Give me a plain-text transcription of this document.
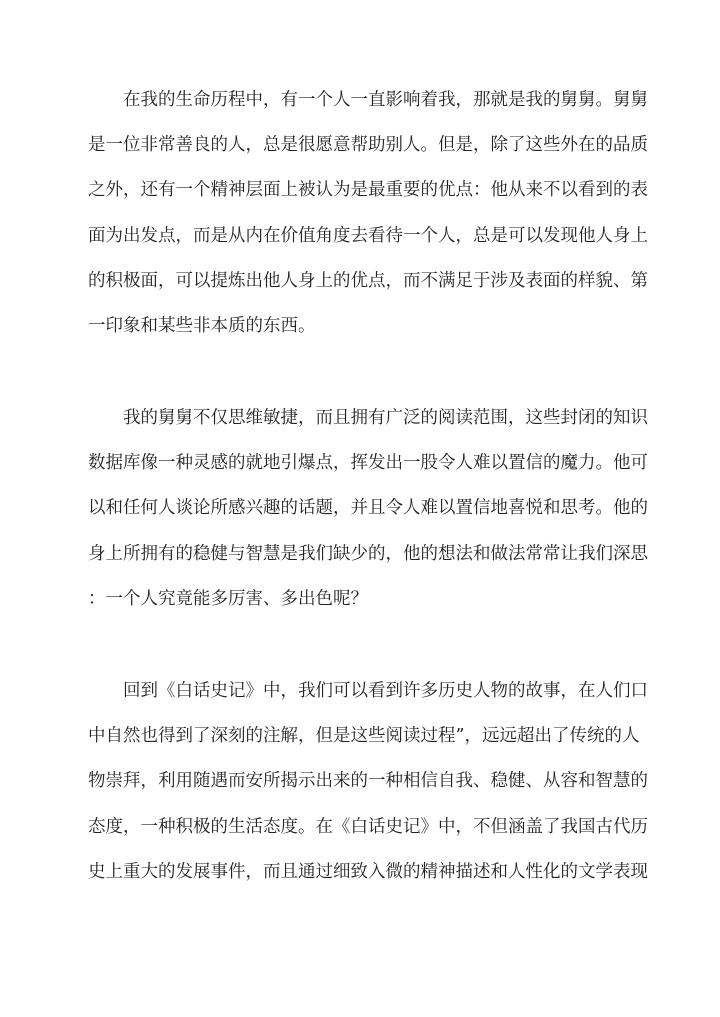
在我的生命历程中，有一个人一直影响着我，那就是我的舅舅。舅舅
是一位非常善良的人，总是很愿意帮助别人。但是，除了这些外在的品质
之外，还有一个精神层面上被认为是最重要的优点：他从来不以看到的表
面为出发点，而是从内在价值角度去看待一个人，总是可以发现他人身上
的积极面，可以提炼出他人身上的优点，而不满足于涉及表面的样貌、第
一印象和某些非本质的东西。
我的舅舅不仅思维敏捷，而且拥有广泛的阅读范围，这些封闭的知识
数据库像一种灵感的就地引爆点，挥发出一股令人难以置信的魔力。他可
以和任何人谈论所感兴趣的话题，并且令人难以置信地喜悦和思考。他的
身上所拥有的稳健与智慧是我们缺少的，他的想法和做法常常让我们深思
：一个人究竟能多厉害、多出色呢？
回到《白话史记》中，我们可以看到许多历史人物的故事，在人们口
中自然也得到了深刻的注解，但是这些阅读过程”，远远超出了传统的人
物崇拜，利用随遇而安所揭示出来的一种相信自我、稳健、从容和智慧的
态度，一种积极的生活态度。在《白话史记》中，不但涵盖了我国古代历
史上重大的发展事件，而且通过细致入微的精神描述和人性化的文学表现
